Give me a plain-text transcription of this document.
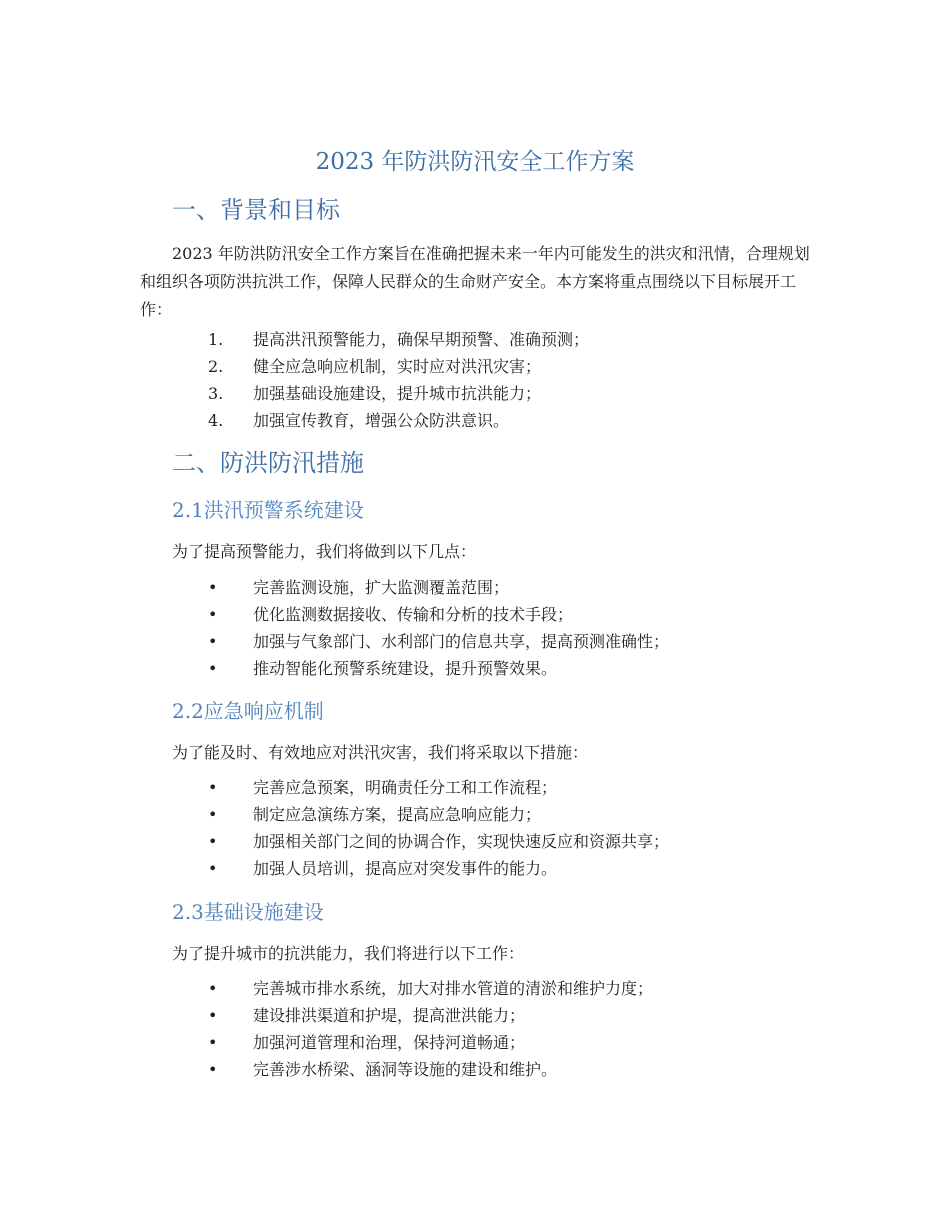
2023 年防洪防汛安全工作方案
一、背景和目标

2023 年防洪防汛安全工作方案旨在准确把握未来一年内可能发生的洪灾和汛情，合理规划和组织各项防洪抗洪工作，保障人民群众的生命财产安全。本方案将重点围绕以下目标展开工作：

1.	提高洪汛预警能力，确保早期预警、准确预测；
2.	健全应急响应机制，实时应对洪汛灾害；
3.	加强基础设施建设，提升城市抗洪能力；
4.	加强宣传教育，增强公众防洪意识。
二、防洪防汛措施
2.1洪汛预警系统建设

为了提高预警能力，我们将做到以下几点：

•	完善监测设施，扩大监测覆盖范围；
•	优化监测数据接收、传输和分析的技术手段；
•	加强与气象部门、水利部门的信息共享，提高预测准确性；
•	推动智能化预警系统建设，提升预警效果。
2.2应急响应机制

为了能及时、有效地应对洪汛灾害，我们将采取以下措施：

•	完善应急预案，明确责任分工和工作流程；
•	制定应急演练方案，提高应急响应能力；
•	加强相关部门之间的协调合作，实现快速反应和资源共享；
•	加强人员培训，提高应对突发事件的能力。
2.3基础设施建设

为了提升城市的抗洪能力，我们将进行以下工作：

•	完善城市排水系统，加大对排水管道的清淤和维护力度；
•	建设排洪渠道和护堤，提高泄洪能力；
•	加强河道管理和治理，保持河道畅通；
•	完善涉水桥梁、涵洞等设施的建设和维护。
